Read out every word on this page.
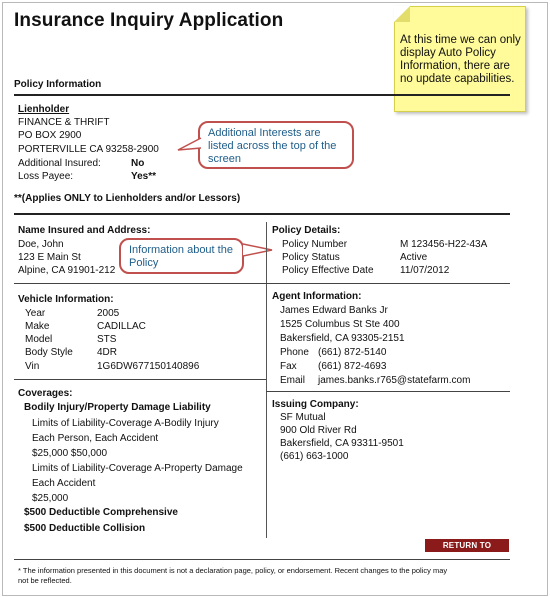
Insurance Inquiry Application
At this time we can only display Auto Policy Information, there are no update capabilities.
Policy Information
Lienholder
FINANCE & THRIFT
PO BOX 2900
PORTERVILLE CA 93258-2900
Additional Insured:	No
Loss Payee:	Yes**
**(Applies ONLY to Lienholders and/or Lessors)
Additional Interests are listed across the top of the screen
Name Insured and Address:
Doe, John
123 E Main St
Alpine, CA 91901-212
Information about the Policy
Policy Details:
Policy Number	M 123456-H22-43A
Policy Status	Active
Policy Effective Date	11/07/2012
Vehicle Information:
Year	2005
Make	CADILLAC
Model	STS
Body Style 4DR
Vin	1G6DW677150140896
Agent Information:
James Edward Banks Jr
1525 Columbus St Ste 400
Bakersfield, CA 93305-2151
Phone (661) 872-5140
Fax (661) 872-4693
Email james.banks.r765@statefarm.com
Coverages:
Bodily Injury/Property Damage Liability
Limits of Liability-Coverage A-Bodily Injury
Each Person, Each Accident
$25,000 $50,000
Limits of Liability-Coverage A-Property Damage
Each Accident
$25,000
$500 Deductible Comprehensive
$500 Deductible Collision
Issuing Company:
SF Mutual
900 Old River Rd
Bakersfield, CA 93311-9501
(661) 663-1000
RETURN TO SEARCH
* The information presented in this document is not a declaration page, policy, or endorsement. Recent changes to the policy may
not be reflected.
